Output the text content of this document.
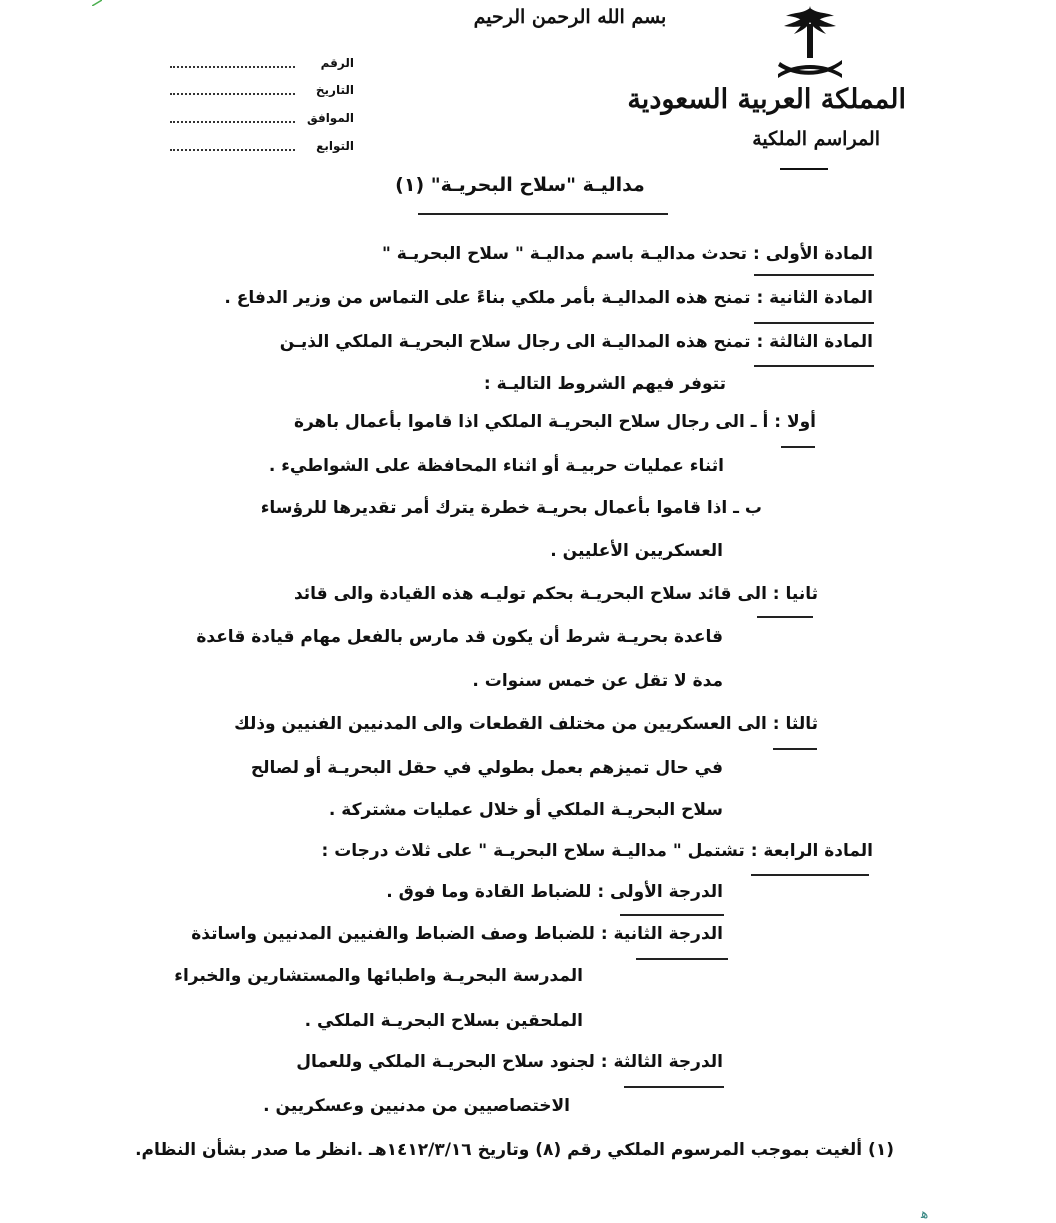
بسم الله الرحمن الرحيم
المملكة العربية السعودية
المراسم الملكية
الرقم
التاريخ
الموافق
التوابع
مداليـة "سلاح البحريـة" (١)
المادة الأولى : تحدث مداليـة باسم مداليـة " سلاح البحريـة "
المادة الثانية : تمنح هذه المداليـة بأمر ملكي بناءً على التماس من وزير الدفاع .
المادة الثالثة : تمنح هذه المداليـة الى رجال سلاح البحريـة الملكي الذيـن
تتوفر فيهم الشروط التاليـة :
أولا : أ ـ الى رجال سلاح البحريـة الملكي اذا قاموا بأعمال باهرة
اثناء عمليات حربيـة أو اثناء المحافظة على الشواطيء .
ب ـ اذا قاموا بأعمال بحريـة خطرة يترك أمر تقديرها للرؤساء
العسكريين الأعليين .
ثانيا : الى قائد سلاح البحريـة بحكم توليـه هذه القيادة والى قائد
قاعدة بحريـة شرط أن يكون قد مارس بالفعل مهام قيادة قاعدة
مدة لا تقل عن خمس سنوات .
ثالثا : الى العسكريين من مختلف القطعات والى المدنيين الفنيين وذلك
في حال تميزهم بعمل بطولي في حقل البحريـة أو لصالح
سلاح البحريـة الملكي أو خلال عمليات مشتركة .
المادة الرابعة : تشتمل " مداليـة سلاح البحريـة " على ثلاث درجات :
الدرجة الأولى : للضباط القادة وما فوق .
الدرجة الثانية : للضباط وصف الضباط والفنيين المدنيين واساتذة
المدرسة البحريـة واطبائها والمستشارين والخبراء
الملحقين بسلاح البحريـة الملكي .
الدرجة الثالثة : لجنود سلاح البحريـة الملكي وللعمال
الاختصاصيين من مدنيين وعسكريين .
(١) ألغيت بموجب المرسوم الملكي رقم (٨) وتاريخ ١٤١٢/٣/١٦هـ .انظر ما صدر بشأن النظام.
ﻫ
